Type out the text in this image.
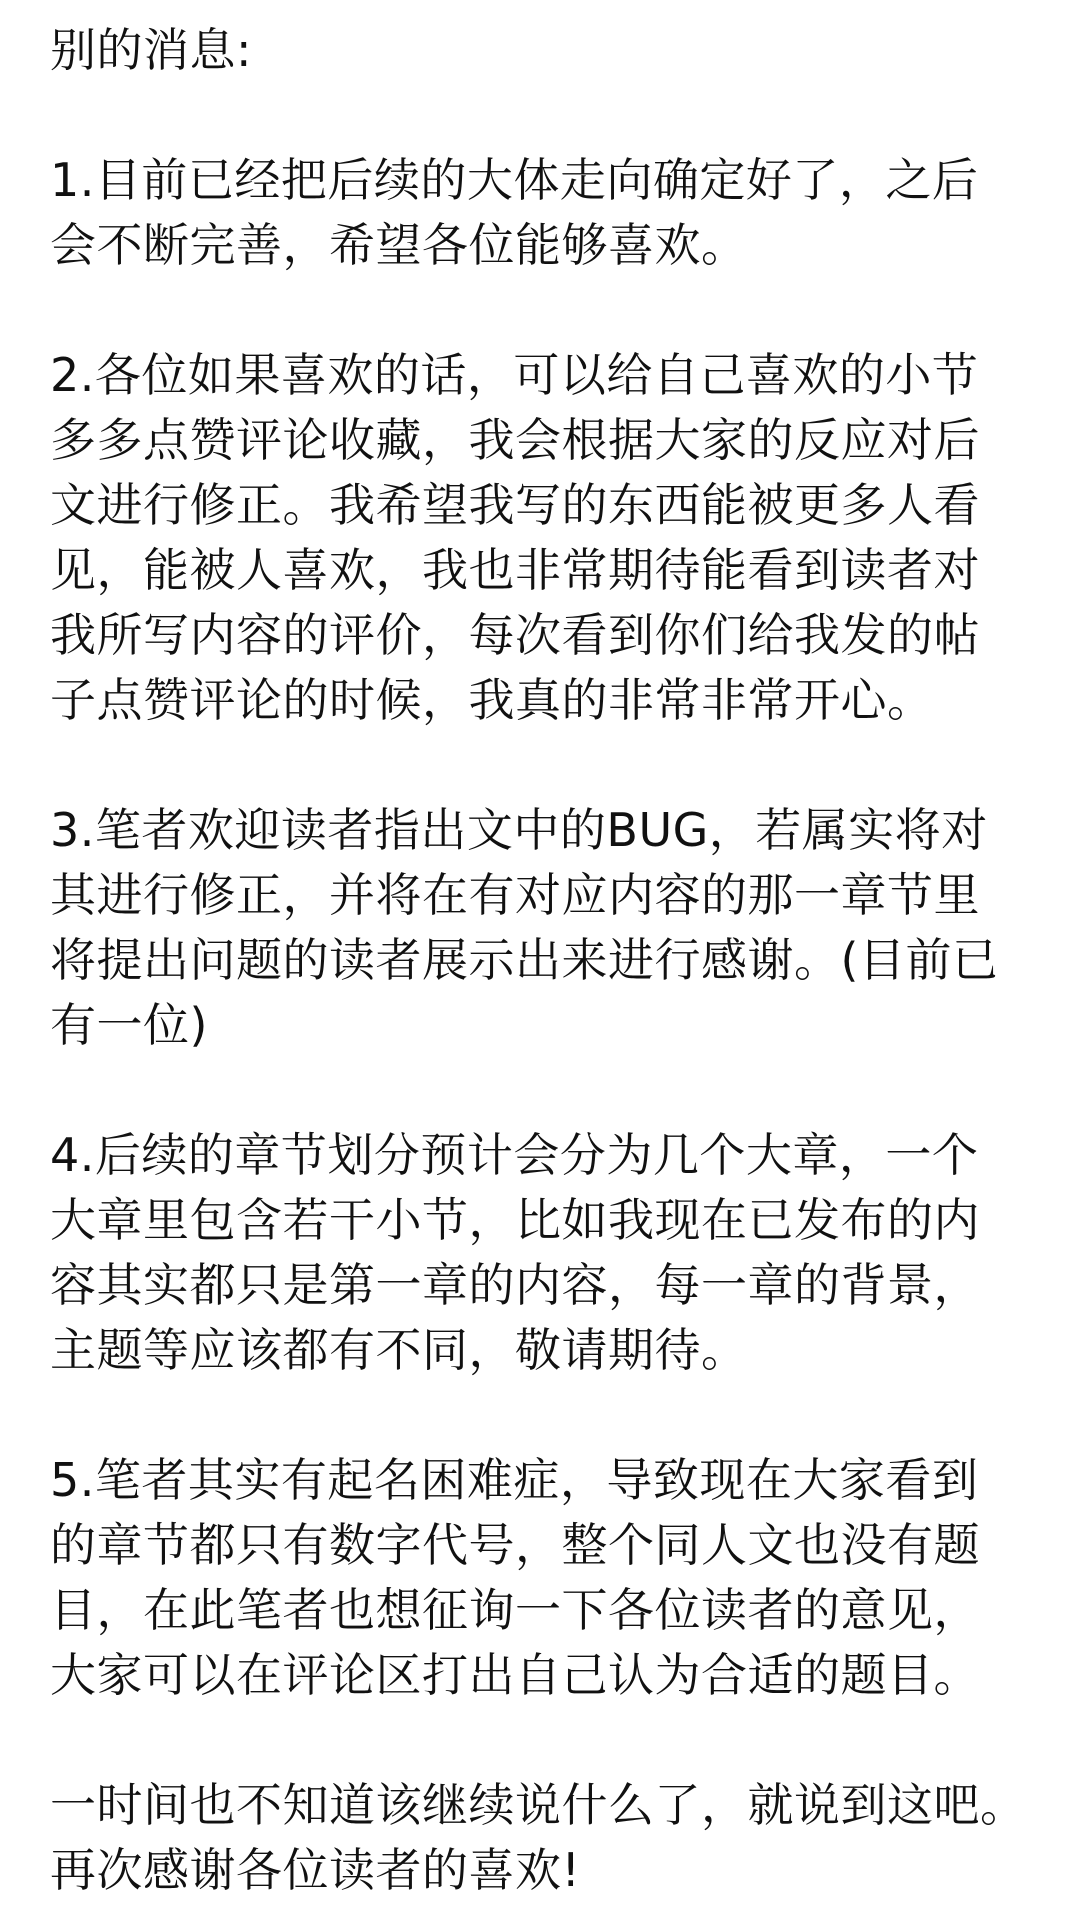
别的消息:

1.目前已经把后续的大体走向确定好了，之后
会不断完善，希望各位能够喜欢。

2.各位如果喜欢的话，可以给自己喜欢的小节
多多点赞评论收藏，我会根据大家的反应对后
文进行修正。我希望我写的东西能被更多人看
见，能被人喜欢，我也非常期待能看到读者对
我所写内容的评价，每次看到你们给我发的帖
子点赞评论的时候，我真的非常非常开心。

3.笔者欢迎读者指出文中的BUG，若属实将对
其进行修正，并将在有对应内容的那一章节里
将提出问题的读者展示出来进行感谢。(目前已
有一位)

4.后续的章节划分预计会分为几个大章，一个
大章里包含若干小节，比如我现在已发布的内
容其实都只是第一章的内容，每一章的背景，
主题等应该都有不同，敬请期待。

5.笔者其实有起名困难症，导致现在大家看到
的章节都只有数字代号，整个同人文也没有题
目，在此笔者也想征询一下各位读者的意见，
大家可以在评论区打出自己认为合适的题目。

一时间也不知道该继续说什么了，就说到这吧。
再次感谢各位读者的喜欢!
